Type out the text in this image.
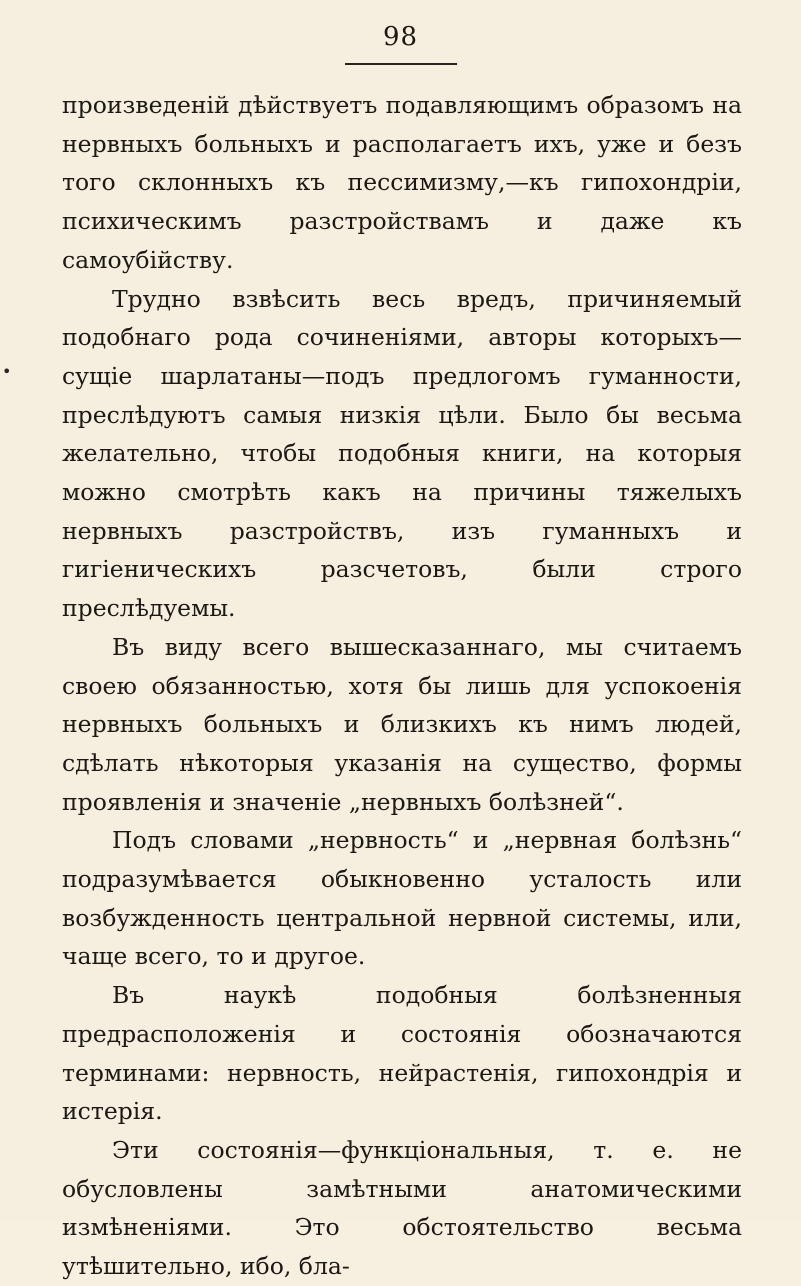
98
•

произведеній дѣйствуетъ подавляющимъ образомъ на нервныхъ больныхъ и располагаетъ ихъ, уже и безъ того склонныхъ къ пессимизму,—къ гипохондріи, психическимъ разстройствамъ и даже къ самоубійству.

Трудно взвѣсить весь вредъ, причиняемый подобнаго рода сочиненіями, авторы которыхъ—сущіе шарлатаны—подъ предлогомъ гуманности, преслѣдуютъ самыя низкія цѣли. Было бы весьма желательно, чтобы подобныя книги, на которыя можно смотрѣть какъ на причины тяжелыхъ нервныхъ разстройствъ, изъ гуманныхъ и гигіеническихъ разсчетовъ, были строго преслѣдуемы.

Въ виду всего вышесказаннаго, мы считаемъ своею обязанностью, хотя бы лишь для успокоенія нервныхъ больныхъ и близкихъ къ нимъ людей, сдѣлать нѣкоторыя указанія на существо, формы проявленія и значеніе „нервныхъ болѣзней“.

Подъ словами „нервность“ и „нервная болѣзнь“ подразумѣвается обыкновенно усталость или возбужденность центральной нервной системы, или, чаще всего, то и другое.

Въ наукѣ подобныя болѣзненныя предрасположенія и состоянія обозначаются терминами: нервность, нейрастенія, гипохондрія и истерія.

Эти состоянія—функціональныя, т. е. не обусловлены замѣтными анатомическими измѣненіями. Это обстоятельство весьма утѣшительно, ибо, бла-
